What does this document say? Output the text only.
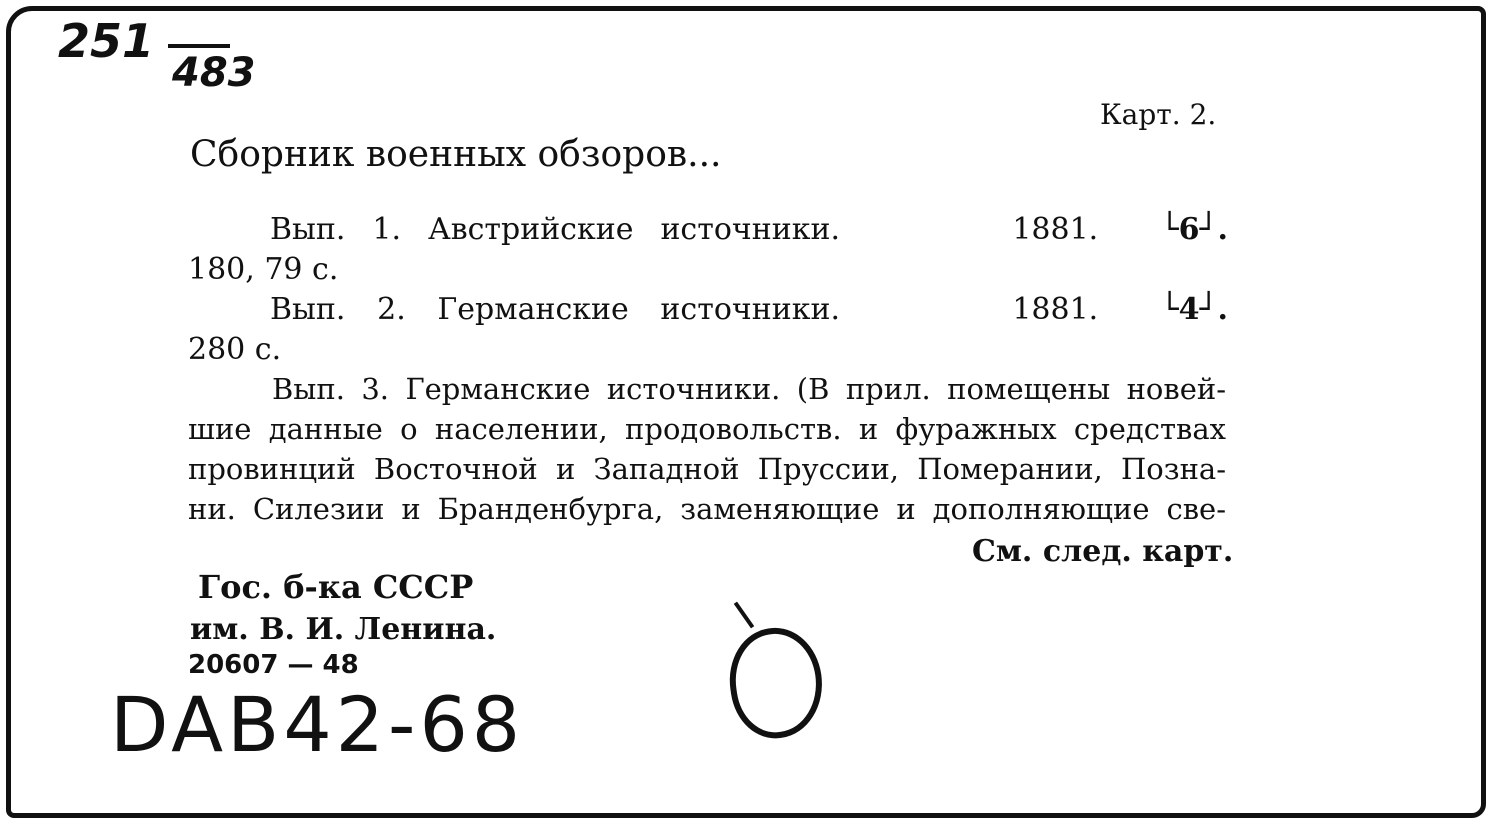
251
483
Карт. 2.
Сборник военных обзоров...
Вып. 1. Австрийские источники.	1881. └6┘.
180, 79 с.
Вып. 2. Германские источники.	1881. └4┘.
280 с.
Вып. 3. Германские источники. (В прил. помещены новей-
шие данные о населении, продовольств. и фуражных средствах
провинций Восточной и Западной Пруссии, Померании, Позна-
ни. Силезии и Бранденбурга, заменяющие и дополняющие све-
См. след. карт.
Гос. б-ка СССР
им. В. И. Ленина.
20607 — 48
DAB42-68
